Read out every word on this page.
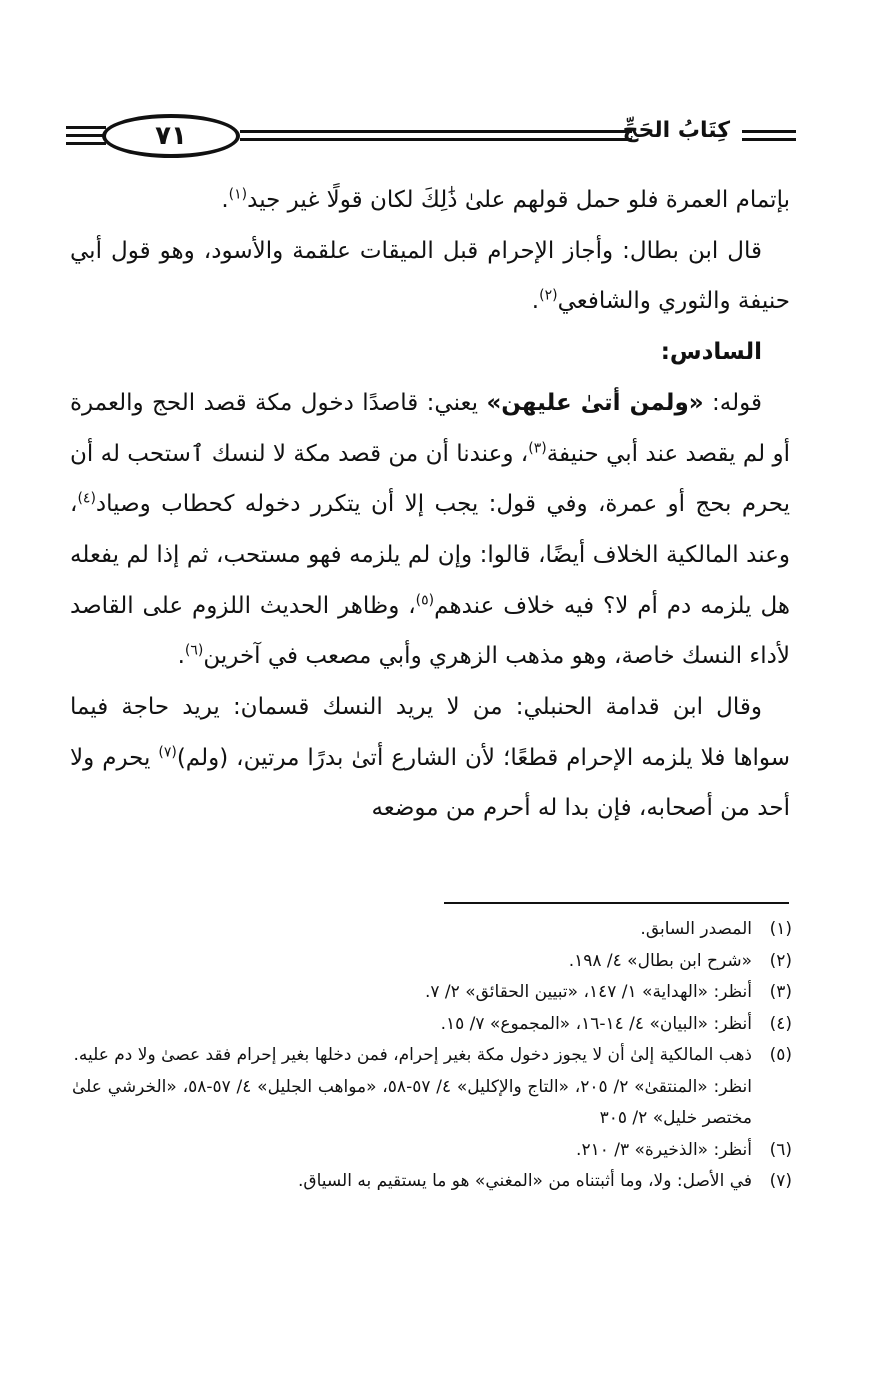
٧١	كِتَابُ الحَجِّ

بإتمام العمرة فلو حمل قولهم علىٰ ذَٰلِكَ لكان قولًا غير جيد$^{(١)}$.

قال ابن بطال: وأجاز الإحرام قبل الميقات علقمة والأسود، وهو قول أبي حنيفة والثوري والشافعي$^{(٢)}$.

السادس:

قوله: «ولمن أتىٰ عليهن» يعني: قاصدًا دخول مكة قصد الحج والعمرة أو لم يقصد عند أبي حنيفة$^{(٣)}$، وعندنا أن من قصد مكة لا لنسك ٱستحب له أن يحرم بحج أو عمرة، وفي قول: يجب إلا أن يتكرر دخوله كحطاب وصياد$^{(٤)}$، وعند المالكية الخلاف أيضًا، قالوا: وإن لم يلزمه فهو مستحب، ثم إذا لم يفعله هل يلزمه دم أم لا؟ فيه خلاف عندهم$^{(٥)}$، وظاهر الحديث اللزوم على القاصد لأداء النسك خاصة، وهو مذهب الزهري وأبي مصعب في آخرين$^{(٦)}$.

وقال ابن قدامة الحنبلي: من لا يريد النسك قسمان: يريد حاجة فيما سواها فلا يلزمه الإحرام قطعًا؛ لأن الشارع أتىٰ بدرًا مرتين، (ولم)$^{(٧)}$ يحرم ولا أحد من أصحابه، فإن بدا له أحرم من موضعه

(١)
المصدر السابق.
(٢)
«شرح ابن بطال» ٤/ ١٩٨.
(٣)
أنظر: «الهداية» ١/ ١٤٧، «تبيين الحقائق» ٢/ ٧.
(٤)
أنظر: «البيان» ٤/ ١٤-١٦، «المجموع» ٧/ ١٥.
(٥)
ذهب المالكية إلىٰ أن لا يجوز دخول مكة بغير إحرام، فمن دخلها بغير إحرام فقد عصىٰ ولا دم عليه.
انظر: «المنتقىٰ» ٢/ ٢٠٥، «التاج والإكليل» ٤/ ٥٧-٥٨، «مواهب الجليل» ٤/ ٥٧-٥٨، «الخرشي علىٰ مختصر خليل» ٢/ ٣٠٥
(٦)
أنظر: «الذخيرة» ٣/ ٢١٠.
(٧)
في الأصل: ولا، وما أثبتناه من «المغني» هو ما يستقيم به السياق.
